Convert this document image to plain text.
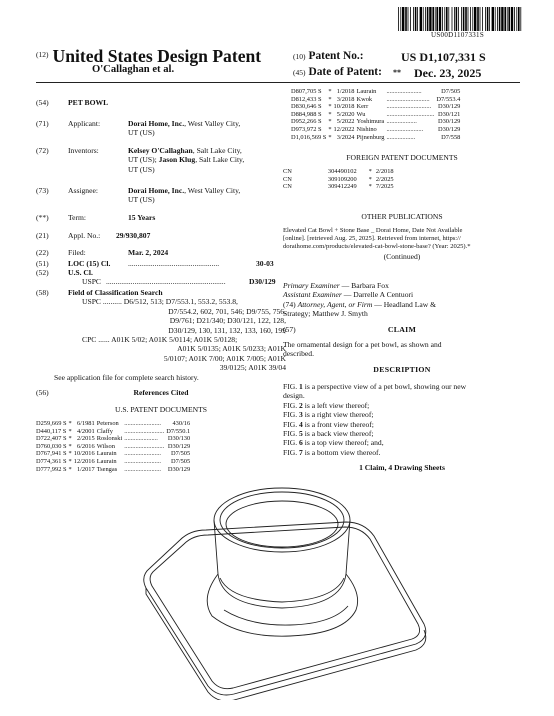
US00D1107331S
$^{(12)}$ United States Design Patent
O'Callaghan et al.
(10) Patent No.:	US D1,107,331 S
(45) Date of Patent: ** Dec. 23, 2025
(54)	PET BOWL
(71)	Applicant:	Dorai Home, Inc., West Valley City,
UT (US)
(72)	Inventors:	Kelsey O'Callaghan, Salt Lake City,
UT (US); Jason Klug, Salt Lake City,
UT (US)
(73)	Assignee:	Dorai Home, Inc., West Valley City,
UT (US)
(**)	Term:	15 Years
(21)	Appl. No.: 29/930,807
(22)	Filed:	Mar. 2, 2024
(51)	LOC (15) Cl. ................................................	30-03
(52)	U.S. Cl.
USPC ...............................................................	D30/129
(58)	Field of Classification Search
USPC .......... D6/512, 513; D7/553.1, 553.2, 553.8,
D7/554.2, 602, 701, 546; D9/755, 756,
D9/761; D21/340; D30/121, 122, 128,
D30/129, 130, 131, 132, 133, 160, 199
CPC ...... A01K 5/02; A01K 5/0114; A01K 5/0128;
A01K 5/0135; A01K 5/0233; A01K
5/0107; A01K 7/00; A01K 7/005; A01K
39/0125; A01K 39/04
See application file for complete search history.
(56)	References Cited
U.S. PATENT DOCUMENTS
D259,669 S	*	6/1981	Peterson	.......................	430/16
D440,117 S	*	4/2001	Claffy	.........................	D7/550.1
D722,407 S	*	2/2015	Roslonski	.....................	D30/130
D760,030 S	*	6/2016	Wilson	.........................	D30/129
D767,941 S	*	10/2016	Laurain	.......................	D7/505
D774,361 S	*	12/2016	Laurain	.......................	D7/505
D777,992 S	*	1/2017	Tsengas	.......................	D30/129
D807,705 S	*	1/2018	Laurain	......................	D7/505
D812,433 S	*	3/2018	Kwok	...........................	D7/553.4
D830,646 S	*	10/2018	Kerr	............................	D30/129
D884,988 S	*	5/2020	Wu	..............................	D30/121
D952,266 S	*	5/2022	Yoshimura	...................	D30/129
D973,972 S	*	12/2022	Nishino	.......................	D30/129
D1,016,569 S	*	3/2024	Pijnenburg	..................	D7/558
FOREIGN PATENT DOCUMENTS
CN	304490102	*	2/2018
CN	309109200	*	2/2025
CN	309412249	*	7/2025
OTHER PUBLICATIONS
Elevated Cat Bowl + Stone Base _ Dorai Home, Date Not Available
[online]. [retrieved Aug. 25, 2025]. Retrieved from internet, https://
doraihome.com/products/elevated-cat-bowl-stone-base? (Year: 2025).*
(Continued)
Primary Examiner — Barbara Fox
Assistant Examiner — Darrelle A Centuori
(74) Attorney, Agent, or Firm — Headland Law &
Strategy; Matthew J. Smyth
(57)	CLAIM
The ornamental design for a pet bowl, as shown and
described.
DESCRIPTION
FIG. 1 is a perspective view of a pet bowl, showing our new
design.
FIG. 2 is a left view thereof;
FIG. 3 is a right view thereof;
FIG. 4 is a front view thereof;
FIG. 5 is a back view thereof;
FIG. 6 is a top view thereof; and,
FIG. 7 is a bottom view thereof.
1 Claim, 4 Drawing Sheets
